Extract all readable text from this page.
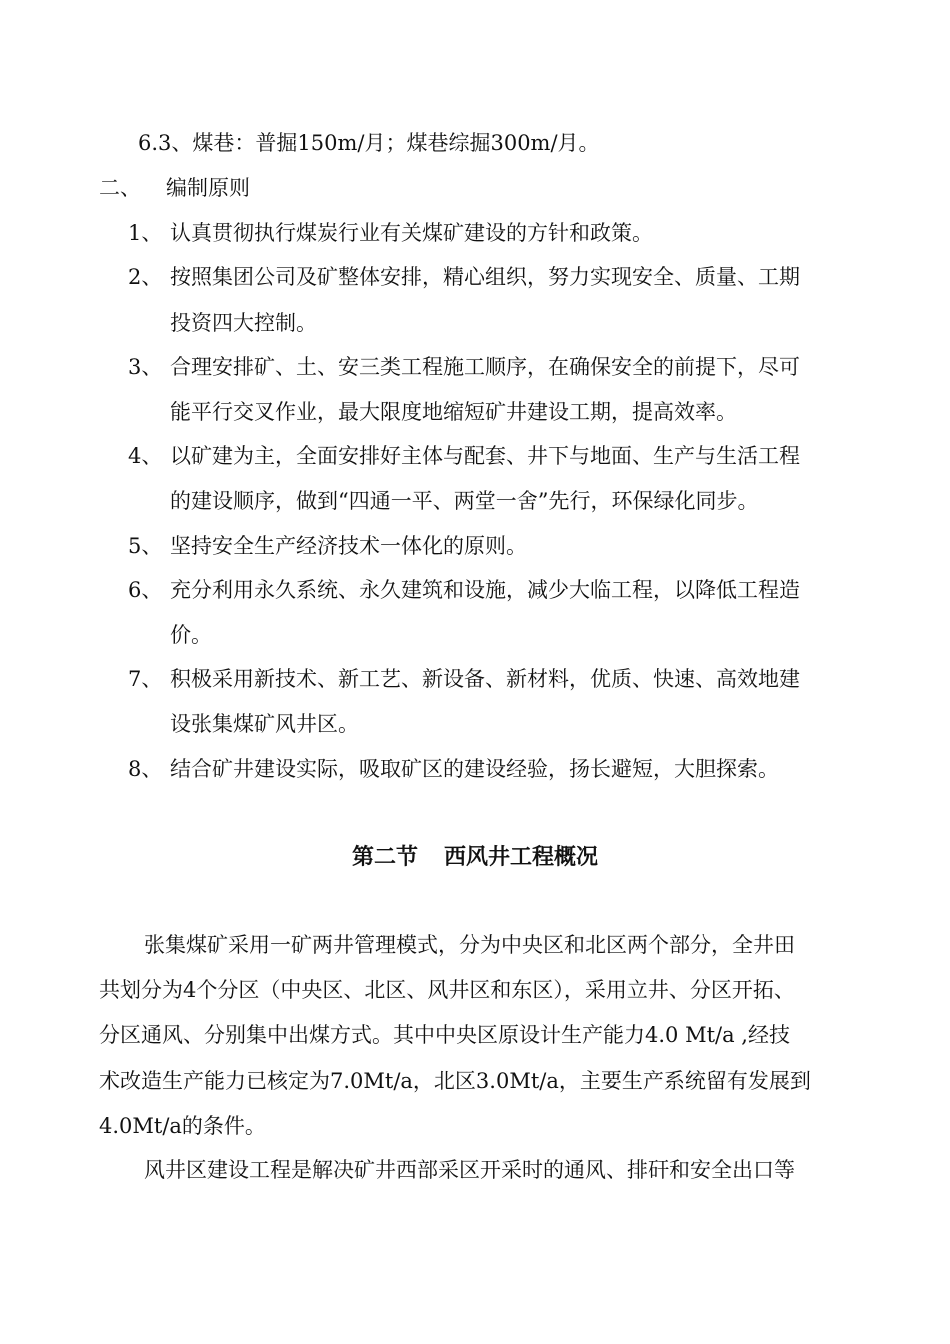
6.3、煤巷：普掘150m/月；煤巷综掘300m/月。
二、 编制原则
1、 认真贯彻执行煤炭行业有关煤矿建设的方针和政策。
2、 按照集团公司及矿整体安排，精心组织，努力实现安全、质量、工期
投资四大控制。
3、 合理安排矿、土、安三类工程施工顺序，在确保安全的前提下，尽可
能平行交叉作业，最大限度地缩短矿井建设工期，提高效率。
4、 以矿建为主，全面安排好主体与配套、井下与地面、生产与生活工程
的建设顺序，做到“四通一平、两堂一舍”先行，环保绿化同步。
5、 坚持安全生产经济技术一体化的原则。
6、 充分利用永久系统、永久建筑和设施，减少大临工程，以降低工程造
价。
7、 积极采用新技术、新工艺、新设备、新材料，优质、快速、高效地建
设张集煤矿风井区。
8、 结合矿井建设实际，吸取矿区的建设经验，扬长避短，大胆探索。
第二节 西风井工程概况
张集煤矿采用一矿两井管理模式，分为中央区和北区两个部分，全井田
共划分为4个分区（中央区、北区、风井区和东区），采用立井、分区开拓、
分区通风、分别集中出煤方式。其中中央区原设计生产能力4.0 Mt/a ,经技
术改造生产能力已核定为7.0Mt/a，北区3.0Mt/a，主要生产系统留有发展到
4.0Mt/a的条件。
风井区建设工程是解决矿井西部采区开采时的通风、排矸和安全出口等
